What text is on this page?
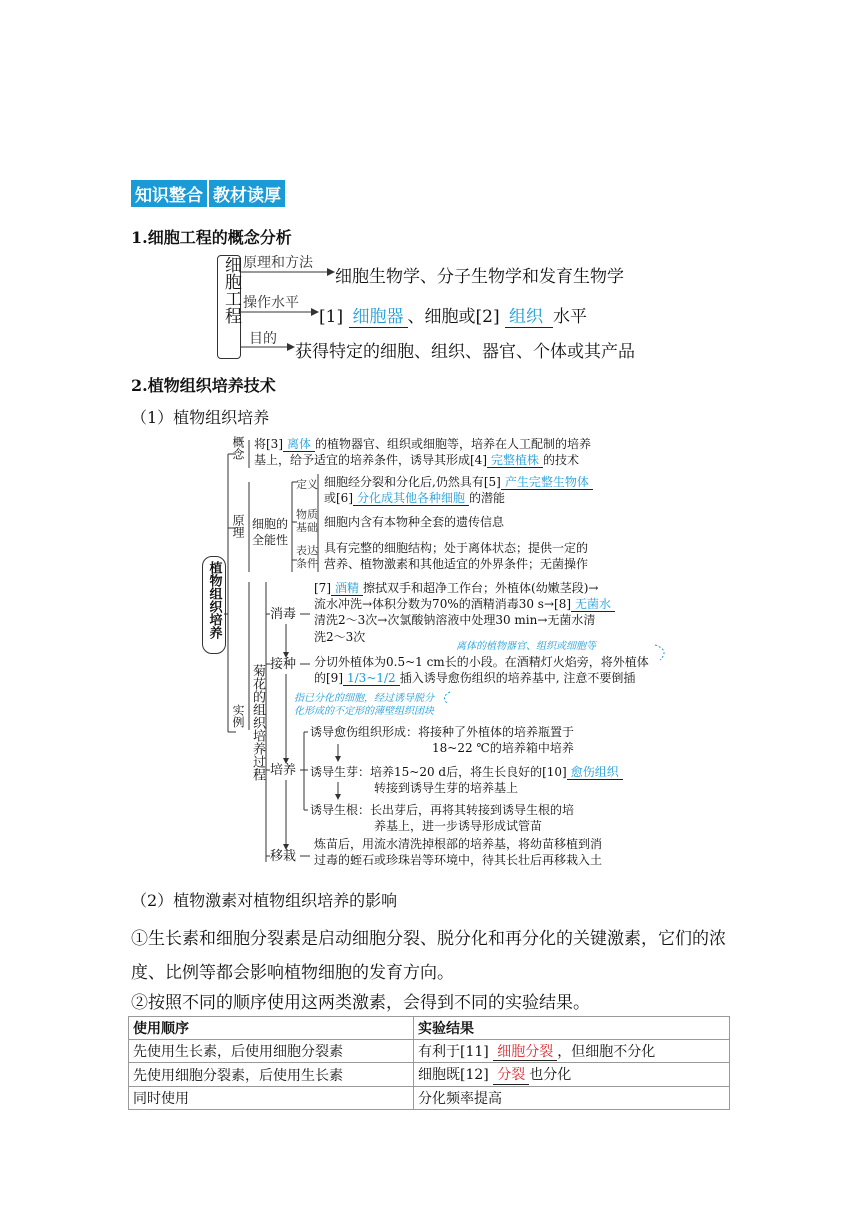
知识整合 教材读厚
1.细胞工程的概念分析
细胞工程 原理和方法
细胞生物学、分子生物学和发育生物学
操作水平
[1] 细胞器 、细胞或[2] 组织 水平
目的
获得特定的细胞、组织、器官、个体或其产品
2.植物组织培养技术
（1）植物组织培养
植物组织培养
概念 将[3] 离体 的植物器官、组织或细胞等，培养在人工配制的培养
基上，给予适宜的培养条件，诱导其形成[4] 完整植株 的技术
原理 细胞的全能性
定义 细胞经分裂和分化后,仍然具有[5] 产生完整生物体
或[6] 分化成其他各种细胞 的潜能
物质基础 细胞内含有本物种全套的遗传信息
表达条件
具有完整的细胞结构；处于离体状态；提供一定的
营养、植物激素和其他适宜的外界条件；无菌操作
实例 菊花的组织培养过程
消毒
接种
培养
移栽
[7] 酒精 擦拭双手和超净工作台；外植体(幼嫩茎段)→
流水冲洗→体积分数为70%的酒精消毒30 s→[8] 无菌水
清洗2～3次→次氯酸钠溶液中处理30 min→无菌水清
洗2～3次
离体的植物器官、组织或细胞等
分切外植体为0.5~1 cm长的小段。在酒精灯火焰旁，将外植体
的[9] 1/3~1/2 插入诱导愈伤组织的培养基中, 注意不要倒插
指已分化的细胞，经过诱导脱分
化形成的不定形的薄壁组织团块
诱导愈伤组织形成：将接种了外植体的培养瓶置于
18~22 ℃的培养箱中培养
诱导生芽：培养15~20 d后，将生长良好的[10] 愈伤组织
转接到诱导生芽的培养基上
诱导生根：长出芽后，再将其转接到诱导生根的培
养基上，进一步诱导形成试管苗
炼苗后，用流水清洗掉根部的培养基，将幼苗移植到消
过毒的蛭石或珍珠岩等环境中，待其长壮后再移栽入土
（2）植物激素对植物组织培养的影响
①生长素和细胞分裂素是启动细胞分裂、脱分化和再分化的关键激素，它们的浓
度、比例等都会影响植物细胞的发育方向。
②按照不同的顺序使用这两类激素，会得到不同的实验结果。
使用顺序	实验结果
先使用生长素，后使用细胞分裂素	有利于[11] 细胞分裂 ，但细胞不分化
先使用细胞分裂素，后使用生长素	细胞既[12] 分裂 也分化
同时使用	分化频率提高
